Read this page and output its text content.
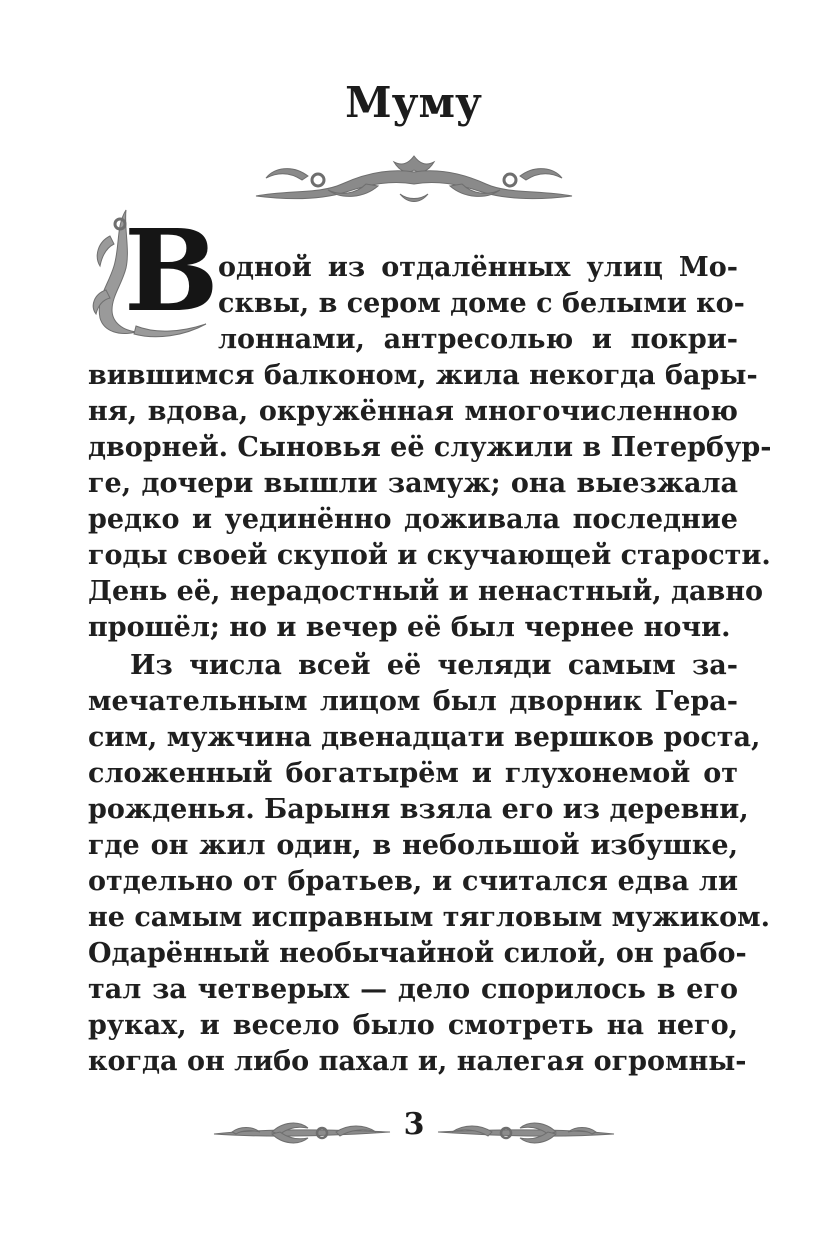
Муму
В одной из отдалённых улиц Мо-
сквы, в сером доме с белыми ко-
лоннами, антресолью и покри-
вившимся балконом, жила некогда бары-
ня, вдова, окружённая многочисленною
дворней. Сыновья её служили в Петербур-
ге, дочери вышли замуж; она выезжала
редко и уединённо доживала последние
годы своей скупой и скучающей старости.
День её, нерадостный и ненастный, давно
прошёл; но и вечер её был чернее ночи.
Из числа всей её челяди самым за-
мечательным лицом был дворник Гера-
сим, мужчина двенадцати вершков роста,
сложенный богатырём и глухонемой от
рожденья. Барыня взяла его из деревни,
где он жил один, в небольшой избушке,
отдельно от братьев, и считался едва ли
не самым исправным тягловым мужиком.
Одарённый необычайной силой, он рабо-
тал за четверых — дело спорилось в его
руках, и весело было смотреть на него,
когда он либо пахал и, налегая огромны-
3
